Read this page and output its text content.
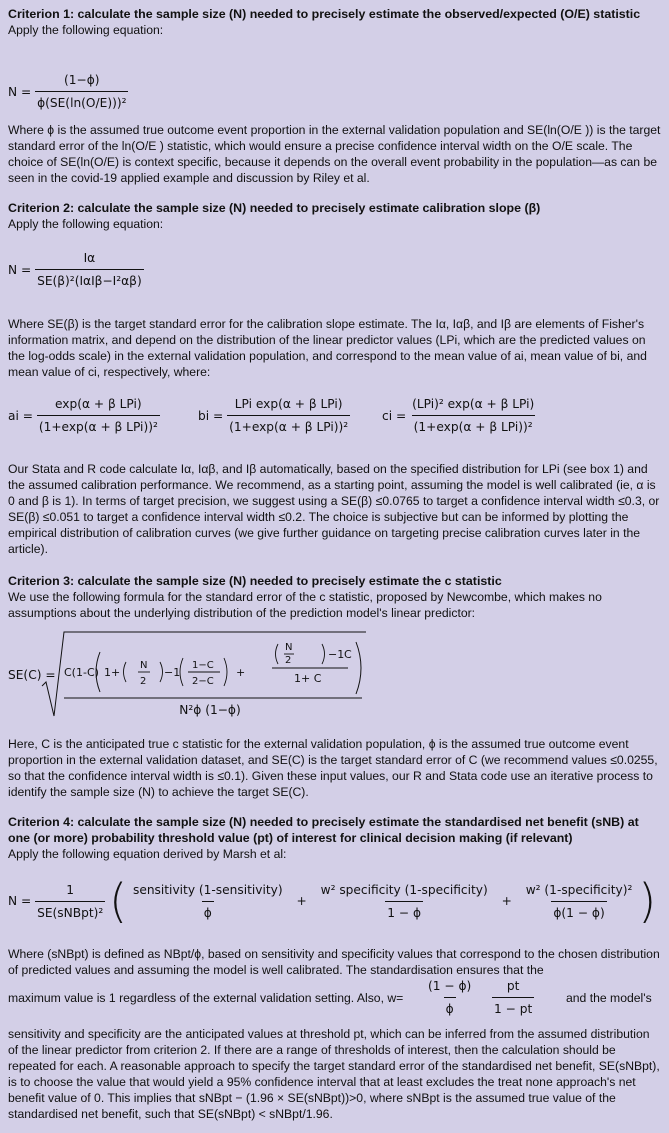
Criterion 1: calculate the sample size (N) needed to precisely estimate the observed/expected (O/E) statistic

Apply the following equation:

$N = \frac{(1-\phi)}{\text{ϕ(SE(ln(O/E)))²}}$

Where ϕ is the assumed true outcome event proportion in the external validation population and SE(ln(O/E )) is the target standard error of the ln(O/E ) statistic, which would ensure a precise confidence interval width on the O/E scale. The choice of SE(ln(O/E) is context specific, because it depends on the overall event probability in the population—as can be seen in the covid-19 applied example and discussion by Riley et al.

Criterion 2: calculate the sample size (N) needed to precisely estimate calibration slope (β)

Apply the following equation:

$N = \frac{I\alpha}{\text{SE(β)²(IαIβ−I²αβ)}}$

Where SE(β) is the target standard error for the calibration slope estimate. The Iα, Iαβ, and Iβ are elements of Fisher's information matrix, and depend on the distribution of the linear predictor values (LPi, which are the predicted values on the log-odds scale) in the external validation population, and correspond to the mean value of ai, mean value of bi, and mean value of ci, respectively, where:

ai = $\frac{\text{exp(α + β LPi)}}{\text{(1+exp(α + β LPi))²}}$	bi = $\frac{\text{LPi exp(α + β LPi)}}{\text{(1+exp(α + β LPi))²}}$	ci = $\frac{\text{(LPi)² exp(α + β LPi)}}{\text{(1+exp(α + β LPi))²}}$

Our Stata and R code calculate Iα, Iαβ, and Iβ automatically, based on the specified distribution for LPi (see box 1) and the assumed calibration performance. We recommend, as a starting point, assuming the model is well calibrated (ie, α is 0 and β is 1). In terms of target precision, we suggest using a SE(β) ≤0.0765 to target a confidence interval width ≤0.3, or SE(β) ≤0.051 to target a confidence interval width ≤0.2. The choice is subjective but can be informed by plotting the empirical distribution of calibration curves (we give further guidance on targeting precise calibration curves later in the article).

Criterion 3: calculate the sample size (N) needed to precisely estimate the c statistic

We use the following formula for the standard error of the c statistic, proposed by Newcombe, which makes no assumptions about the underlying distribution of the prediction model's linear predictor:

SE(C) = C(1-C) 1+
N
2
−1
1−C
2−C
+
N
2	−1 C
1+ C
N²ϕ (1−ϕ)

Here, C is the anticipated true c statistic for the external validation population, ϕ is the assumed true outcome event proportion in the external validation dataset, and SE(C) is the target standard error of C (we recommend values ≤0.0255, so that the confidence interval width is ≤0.1). Given these input values, our R and Stata code use an iterative process to identify the sample size (N) to achieve the target SE(C).

Criterion 4: calculate the sample size (N) needed to precisely estimate the standardised net benefit (sNB) at one (or more) probability threshold value (pt) of interest for clinical decision making (if relevant)

Apply the following equation derived by Marsh et al:

$N = \frac{1}{\text{SE(sNBpt)²}}$ ( $\frac{\text{sensitivity (1-sensitivity)}}{\phi} + \frac{\text{w² specificity (1-specificity)}}{1 - \phi} + \frac{\text{w² (1-specificity)²}}{\phi(1 - \phi)}$ )

Where (sNBpt) is defined as NBpt/ϕ, based on sensitivity and specificity values that correspond to the chosen distribution of predicted values and assuming the model is well calibrated. The standardisation ensures that the

maximum value is 1 regardless of the external validation setting. Also, $w= \frac{(1 - \phi)}{\phi} \frac{pt}{1 - pt}$	and the model's

sensitivity and specificity are the anticipated values at threshold pt, which can be inferred from the assumed distribution of the linear predictor from criterion 2. If there are a range of thresholds of interest, then the calculation should be repeated for each. A reasonable approach to specify the target standard error of the standardised net benefit, SE(sNBpt), is to choose the value that would yield a 95% confidence interval that at least excludes the treat none approach's net benefit value of 0. This implies that sNBpt − (1.96 × SE(sNBpt))>0, where sNBpt is the assumed true value of the standardised net benefit, such that SE(sNBpt) < sNBpt/1.96.
